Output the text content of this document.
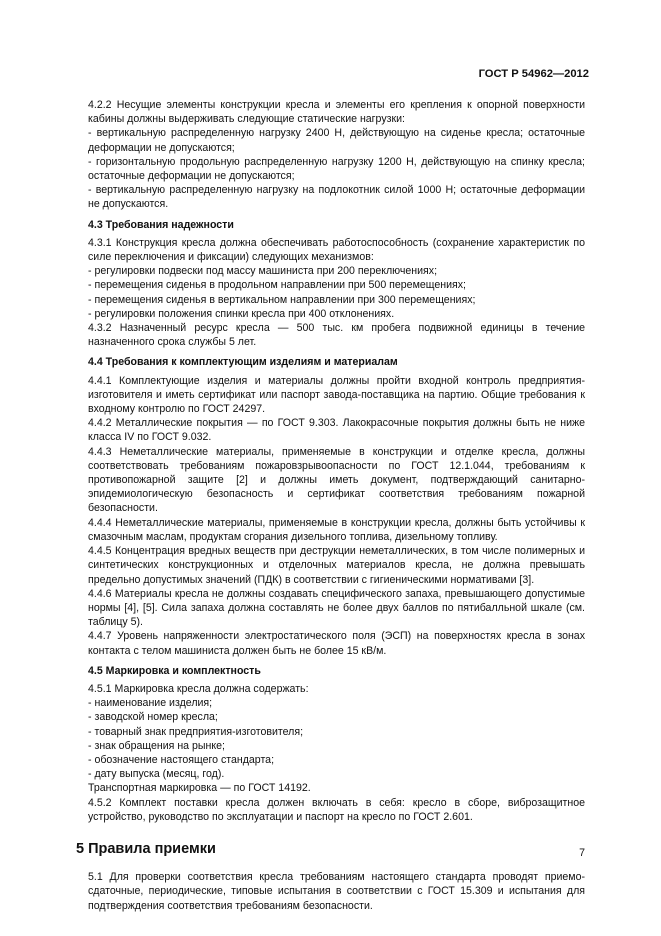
ГОСТ Р 54962—2012
4.2.2 Несущие элементы конструкции кресла и элементы его крепления к опорной поверхности кабины должны выдерживать следующие статические нагрузки:
- вертикальную распределенную нагрузку 2400 Н, действующую на сиденье кресла; остаточные деформации не допускаются;
- горизонтальную продольную распределенную нагрузку 1200 Н, действующую на спинку кресла; остаточные деформации не допускаются;
- вертикальную распределенную нагрузку на подлокотник силой 1000 Н; остаточные деформации не допускаются.
4.3 Требования надежности
4.3.1 Конструкция кресла должна обеспечивать работоспособность (сохранение характеристик по силе переключения и фиксации) следующих механизмов:
- регулировки подвески под массу машиниста при 200 переключениях;
- перемещения сиденья в продольном направлении при 500 перемещениях;
- перемещения сиденья в вертикальном направлении при 300 перемещениях;
- регулировки положения спинки кресла при 400 отклонениях.
4.3.2 Назначенный ресурс кресла — 500 тыс. км пробега подвижной единицы в течение назначенного срока службы 5 лет.
4.4 Требования к комплектующим изделиям и материалам
4.4.1 Комплектующие изделия и материалы должны пройти входной контроль предприятия-изготовителя и иметь сертификат или паспорт завода-поставщика на партию. Общие требования к входному контролю по ГОСТ 24297.
4.4.2 Металлические покрытия — по ГОСТ 9.303. Лакокрасочные покрытия должны быть не ниже класса IV по ГОСТ 9.032.
4.4.3 Неметаллические материалы, применяемые в конструкции и отделке кресла, должны соответствовать требованиям пожаровзрывоопасности по ГОСТ 12.1.044, требованиям к противопожарной защите [2] и должны иметь документ, подтверждающий санитарно-эпидемиологическую безопасность и сертификат соответствия требованиям пожарной безопасности.
4.4.4 Неметаллические материалы, применяемые в конструкции кресла, должны быть устойчивы к смазочным маслам, продуктам сгорания дизельного топлива, дизельному топливу.
4.4.5 Концентрация вредных веществ при деструкции неметаллических, в том числе полимерных и синтетических конструкционных и отделочных материалов кресла, не должна превышать предельно допустимых значений (ПДК) в соответствии с гигиеническими нормативами [3].
4.4.6 Материалы кресла не должны создавать специфического запаха, превышающего допустимые нормы [4], [5]. Сила запаха должна составлять не более двух баллов по пятибалльной шкале (см. таблицу 5).
4.4.7 Уровень напряженности электростатического поля (ЭСП) на поверхностях кресла в зонах контакта с телом машиниста должен быть не более 15 кВ/м.
4.5 Маркировка и комплектность
4.5.1 Маркировка кресла должна содержать:
- наименование изделия;
- заводской номер кресла;
- товарный знак предприятия-изготовителя;
- знак обращения на рынке;
- обозначение настоящего стандарта;
- дату выпуска (месяц, год).
Транспортная маркировка — по ГОСТ 14192.
4.5.2 Комплект поставки кресла должен включать в себя: кресло в сборе, виброзащитное устройство, руководство по эксплуатации и паспорт на кресло по ГОСТ 2.601.
5 Правила приемки
5.1 Для проверки соответствия кресла требованиям настоящего стандарта проводят приемо-сдаточные, периодические, типовые испытания в соответствии с ГОСТ 15.309 и испытания для подтверждения соответствия требованиям безопасности.
7
